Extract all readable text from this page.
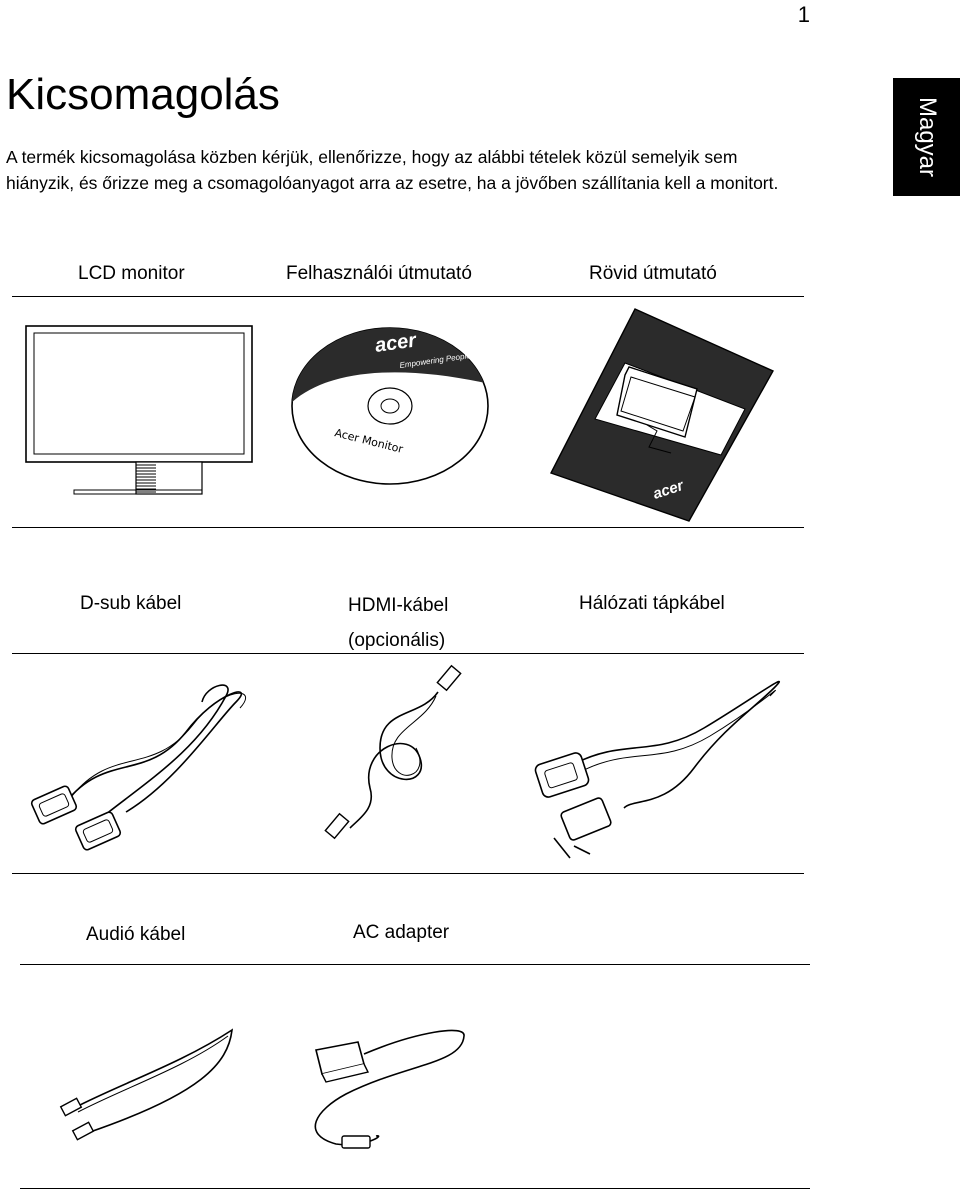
1
Magyar
Kicsomagolás

A termék kicsomagolása közben kérjük, ellenőrizze, hogy az alábbi tételek közül semelyik sem hiányzik, és őrizze meg a csomagolóanyagot arra az esetre, ha a jövőben szállítania kell a monitort.

LCD monitor	Felhasználói útmutató	Rövid útmutató
acer
Empowering People
Acer Monitor
acer
D-sub kábel	HDMI-kábel
(opcionális)
Hálózati tápkábel
Audió kábel	AC adapter
